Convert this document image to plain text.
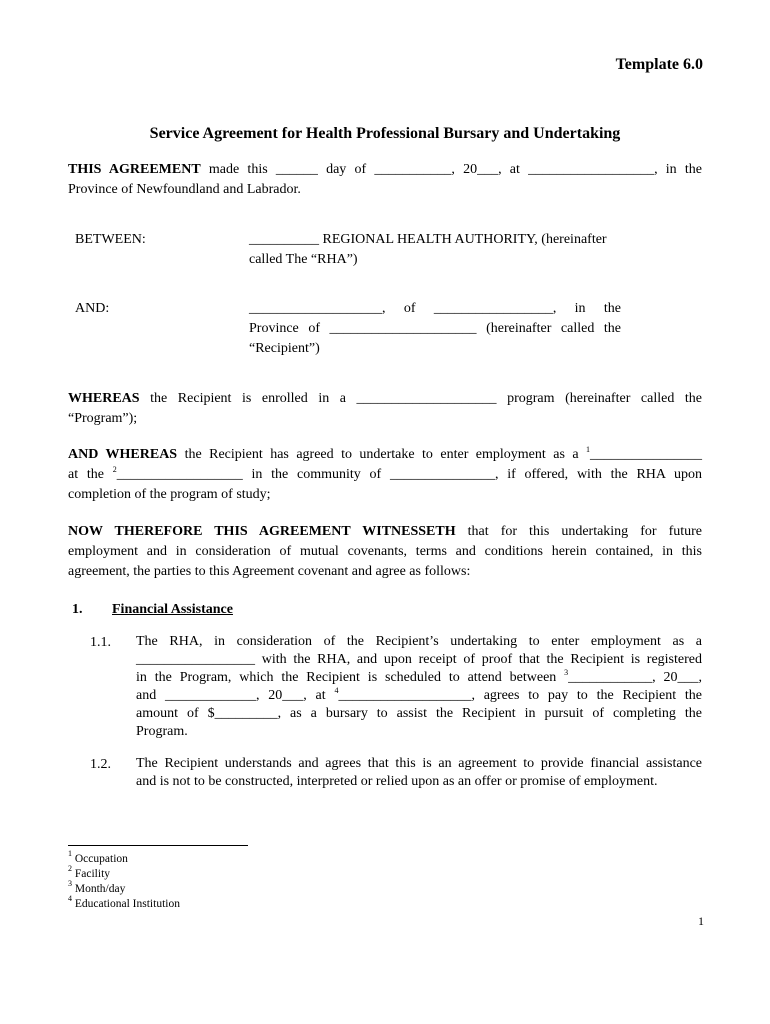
Template 6.0
Service Agreement for Health Professional Bursary and Undertaking
THIS AGREEMENT made this ______ day of ___________, 20___, at __________________, in the
Province of Newfoundland and Labrador.
BETWEEN:	__________ REGIONAL HEALTH AUTHORITY, (hereinafter
called The “RHA”)
AND:	___________________, of _________________, in the
Province of _____________________ (hereinafter called the
“Recipient”)
WHEREAS the Recipient is enrolled in a ____________________ program (hereinafter called the
“Program”);
AND WHEREAS the Recipient has agreed to undertake to enter employment as a $^1$________________
at the $^2$__________________ in the community of _______________, if offered, with the RHA upon
completion of the program of study;
NOW THEREFORE THIS AGREEMENT WITNESSETH that for this undertaking for future
employment and in consideration of mutual covenants, terms and conditions herein contained, in this
agreement, the parties to this Agreement covenant and agree as follows:
1. Financial Assistance
1.1. The RHA, in consideration of the Recipient’s undertaking to enter employment as a
_________________ with the RHA, and upon receipt of proof that the Recipient is registered
in the Program, which the Recipient is scheduled to attend between $^3$____________, 20___,
and _____________, 20___, at $^4$___________________, agrees to pay to the Recipient the
amount of $_________, as a bursary to assist the Recipient in pursuit of completing the
Program.
1.2. The Recipient understands and agrees that this is an agreement to provide financial assistance
and is not to be constructed, interpreted or relied upon as an offer or promise of employment.
$^1$ Occupation
$^2$ Facility
$^3$ Month/day
$^4$ Educational Institution
1
